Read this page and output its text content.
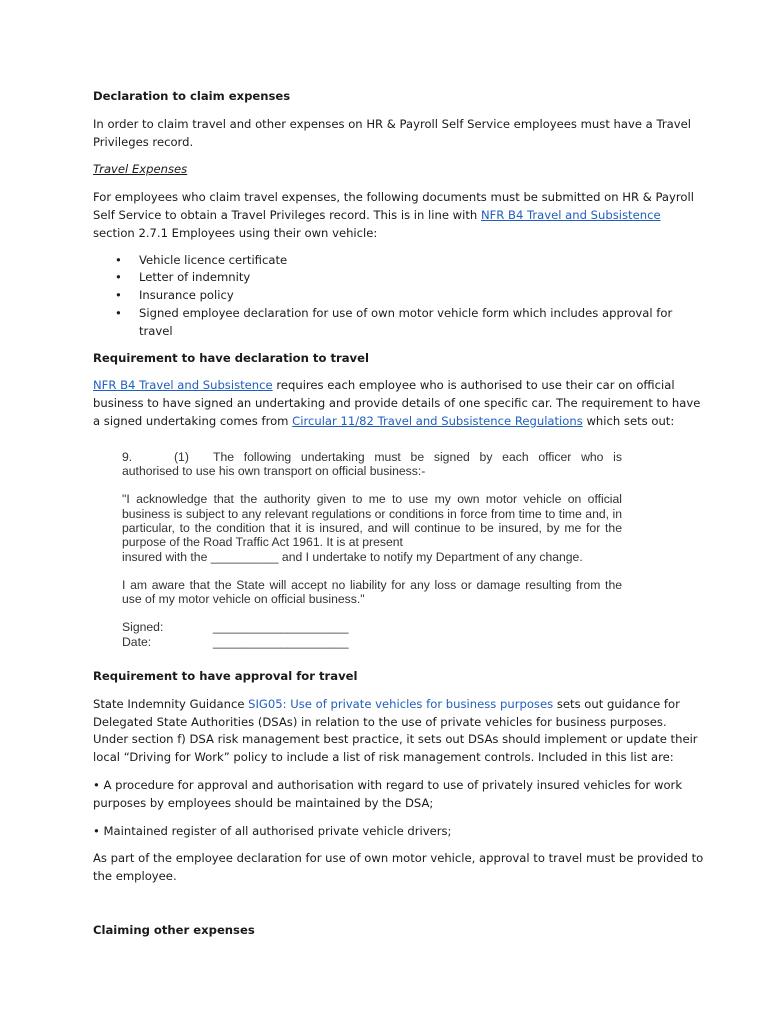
Declaration to claim expenses

In order to claim travel and other expenses on HR & Payroll Self Service employees must have a Travel Privileges record.

Travel Expenses

For employees who claim travel expenses, the following documents must be submitted on HR & Payroll Self Service to obtain a Travel Privileges record. This is in line with NFR B4 Travel and Subsistence section 2.7.1 Employees using their own vehicle:

• Vehicle licence certificate
• Letter of indemnity
• Insurance policy
• Signed employee declaration for use of own motor vehicle form which includes approval for travel

Requirement to have declaration to travel

NFR B4 Travel and Subsistence requires each employee who is authorised to use their car on official business to have signed an undertaking and provide details of one specific car. The requirement to have a signed undertaking comes from Circular 11/82 Travel and Subsistence Regulations which sets out:

9.	(1)	The following undertaking must be signed by each officer who is
authorised to use his own transport on official business:-
"I acknowledge that the authority given to me to use my own motor vehicle on official business is subject to any relevant regulations or conditions in force from time to time and, in particular, to the condition that it is insured, and will continue to be insured, by me for the purpose of the Road Traffic Act 1961. It is at present
insured with the __________ and I undertake to notify my Department of any change.
I am aware that the State will accept no liability for any loss or damage resulting from the use of my motor vehicle on official business."
Signed:	____________________
Date:	____________________

Requirement to have approval for travel

State Indemnity Guidance SIG05: Use of private vehicles for business purposes sets out guidance for Delegated State Authorities (DSAs) in relation to the use of private vehicles for business purposes. Under section f) DSA risk management best practice, it sets out DSAs should implement or update their local “Driving for Work” policy to include a list of risk management controls. Included in this list are:

• A procedure for approval and authorisation with regard to use of privately insured vehicles for work purposes by employees should be maintained by the DSA;

• Maintained register of all authorised private vehicle drivers;

As part of the employee declaration for use of own motor vehicle, approval to travel must be provided to the employee.

Claiming other expenses
